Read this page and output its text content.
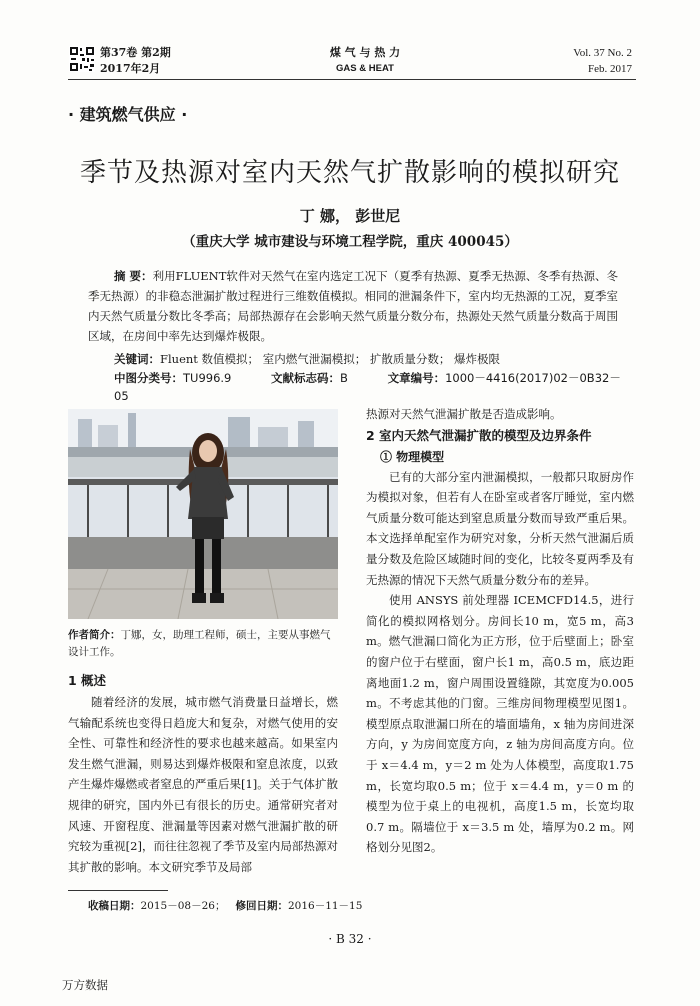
第37卷 第2期
2017年2月
煤 气 与 热 力
GAS & HEAT
Vol. 37 No. 2
Feb. 2017
· 建筑燃气供应 ·
季节及热源对室内天然气扩散影响的模拟研究
丁 娜， 彭世尼
（重庆大学 城市建设与环境工程学院，重庆 400045）
摘 要：利用FLUENT软件对天然气在室内选定工况下（夏季有热源、夏季无热源、冬季有热源、冬季无热源）的非稳态泄漏扩散过程进行三维数值模拟。相同的泄漏条件下，室内均无热源的工况，夏季室内天然气质量分数比冬季高；局部热源存在会影响天然气质量分数分布，热源处天然气质量分数高于周围区域，在房间中率先达到爆炸极限。
关键词：Fluent 数值模拟； 室内燃气泄漏模拟； 扩散质量分数； 爆炸极限
中图分类号：TU996.9	文献标志码：B	文章编号：1000－4416(2017)02－0B32－05
作者简介：丁娜，女，助理工程师，硕士，主要从事燃气设计工作。
1 概述

随着经济的发展，城市燃气消费量日益增长，燃气输配系统也变得日趋庞大和复杂，对燃气使用的安全性、可靠性和经济性的要求也越来越高。如果室内发生燃气泄漏，则易达到爆炸极限和窒息浓度，以致产生爆炸爆燃或者窒息的严重后果[1]。关于气体扩散规律的研究，国内外已有很长的历史。通常研究者对风速、开窗程度、泄漏量等因素对燃气泄漏扩散的研究较为重视[2]，而往往忽视了季节及室内局部热源对其扩散的影响。本文研究季节及局部

热源对天然气泄漏扩散是否造成影响。

2 室内天然气泄漏扩散的模型及边界条件
① 物理模型

已有的大部分室内泄漏模拟，一般都只取厨房作为模拟对象，但若有人在卧室或者客厅睡觉，室内燃气质量分数可能达到窒息质量分数而导致严重后果。本文选择单配室作为研究对象，分析天然气泄漏后质量分数及危险区域随时间的变化，比较冬夏两季及有无热源的情况下天然气质量分数分布的差异。

使用 ANSYS 前处理器 ICEMCFD14.5，进行简化的模拟网格划分。房间长10 m，宽5 m，高3 m。燃气泄漏口简化为正方形，位于后壁面上；卧室的窗户位于右壁面，窗户长1 m，高0.5 m，底边距离地面1.2 m，窗户周围设置缝隙，其宽度为0.005 m。不考虑其他的门窗。三维房间物理模型见图1。模型原点取泄漏口所在的墙面墙角，x 轴为房间进深方向，y 为房间宽度方向，z 轴为房间高度方向。位于 x＝4.4 m，y＝2 m 处为人体模型，高度取1.75 m，长宽均取0.5 m；位于 x＝4.4 m，y＝0 m 的模型为位于桌上的电视机，高度1.5 m，长宽均取0.7 m。隔墙位于 x＝3.5 m 处，墙厚为0.2 m。网格划分见图2。

收稿日期：2015－08－26； 修回日期：2016－11－15
· B 32 ·
万方数据
